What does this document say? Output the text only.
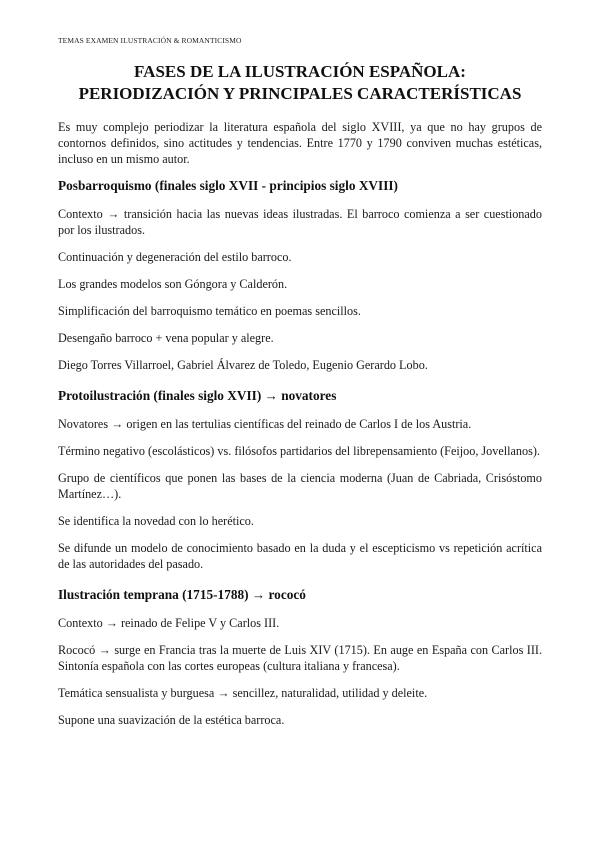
TEMAS EXAMEN ILUSTRACIÓN & ROMANTICISMO
FASES DE LA ILUSTRACIÓN ESPAÑOLA:
PERIODIZACIÓN Y PRINCIPALES CARACTERÍSTICAS

Es muy complejo periodizar la literatura española del siglo XVIII, ya que no hay grupos de contornos definidos, sino actitudes y tendencias. Entre 1770 y 1790 conviven muchas estéticas, incluso en un mismo autor.

Posbarroquismo (finales siglo XVII - principios siglo XVIII)

Contexto → transición hacia las nuevas ideas ilustradas. El barroco comienza a ser cuestionado por los ilustrados.

Continuación y degeneración del estilo barroco.

Los grandes modelos son Góngora y Calderón.

Simplificación del barroquismo temático en poemas sencillos.

Desengaño barroco + vena popular y alegre.

Diego Torres Villarroel, Gabriel Álvarez de Toledo, Eugenio Gerardo Lobo.

Protoilustración (finales siglo XVII) → novatores

Novatores → origen en las tertulias científicas del reinado de Carlos I de los Austria.

Término negativo (escolásticos) vs. filósofos partidarios del librepensamiento (Feijoo, Jovellanos).

Grupo de científicos que ponen las bases de la ciencia moderna (Juan de Cabriada, Crisóstomo Martínez…).

Se identifica la novedad con lo herético.

Se difunde un modelo de conocimiento basado en la duda y el escepticismo vs repetición acrítica de las autoridades del pasado.

Ilustración temprana (1715-1788) → rococó

Contexto → reinado de Felipe V y Carlos III.

Rococó → surge en Francia tras la muerte de Luis XIV (1715). En auge en España con Carlos III. Sintonía española con las cortes europeas (cultura italiana y francesa).

Temática sensualista y burguesa → sencillez, naturalidad, utilidad y deleite.

Supone una suavización de la estética barroca.
